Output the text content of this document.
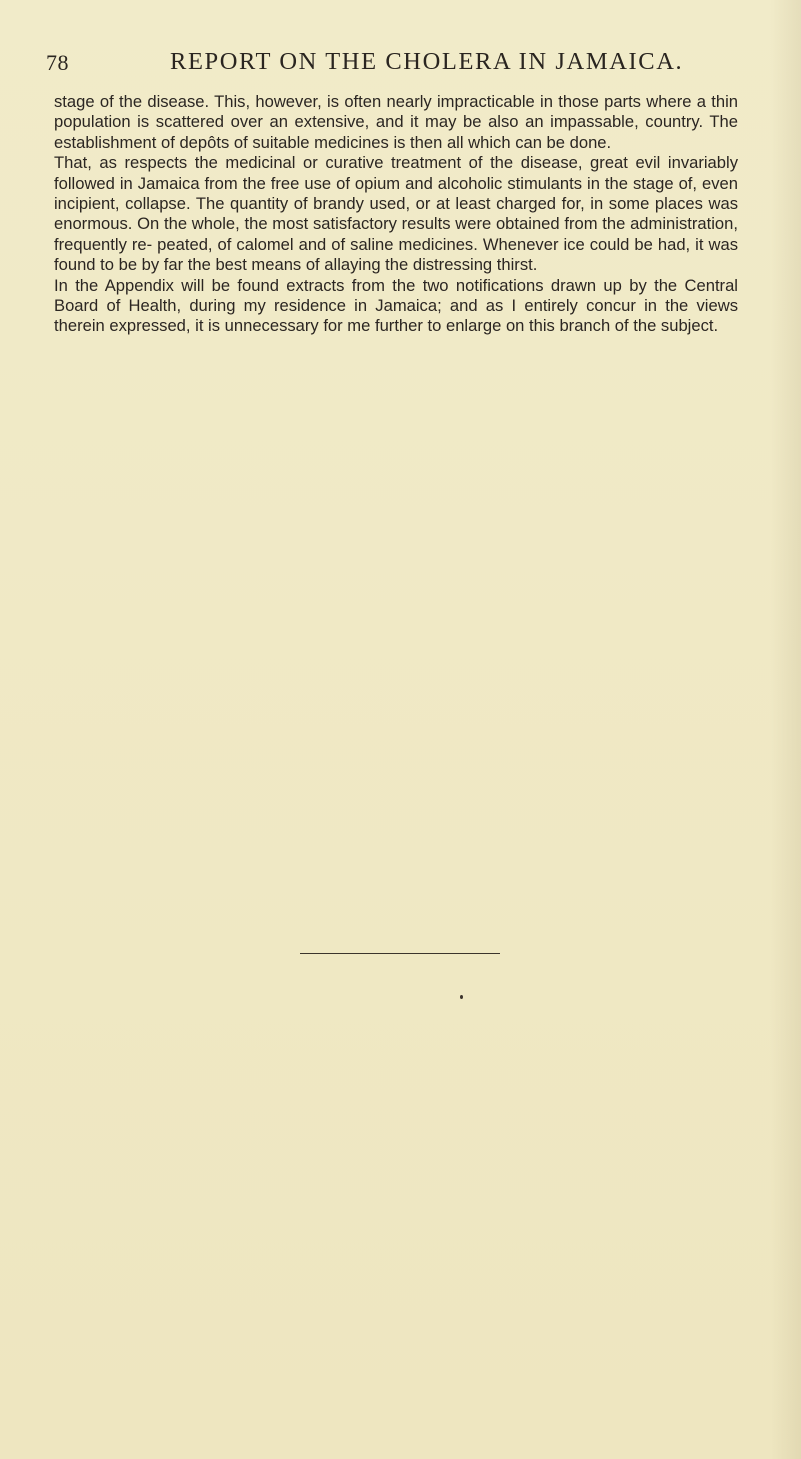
78	REPORT ON THE CHOLERA IN JAMAICA.

stage of the disease. This, however, is often nearly impracticable in those parts where a thin population is scattered over an extensive, and it may be also an impassable, country. The establishment of depôts of suitable medicines is then all which can be done.

That, as respects the medicinal or curative treatment of the disease, great evil invariably followed in Jamaica from the free use of opium and alcoholic stimulants in the stage of, even incipient, collapse. The quantity of brandy used, or at least charged for, in some places was enormous. On the whole, the most satisfactory results were obtained from the administration, frequently re- peated, of calomel and of saline medicines. Whenever ice could be had, it was found to be by far the best means of allaying the distressing thirst.

In the Appendix will be found extracts from the two notifications drawn up by the Central Board of Health, during my residence in Jamaica; and as I entirely concur in the views therein expressed, it is unnecessary for me further to enlarge on this branch of the subject.
